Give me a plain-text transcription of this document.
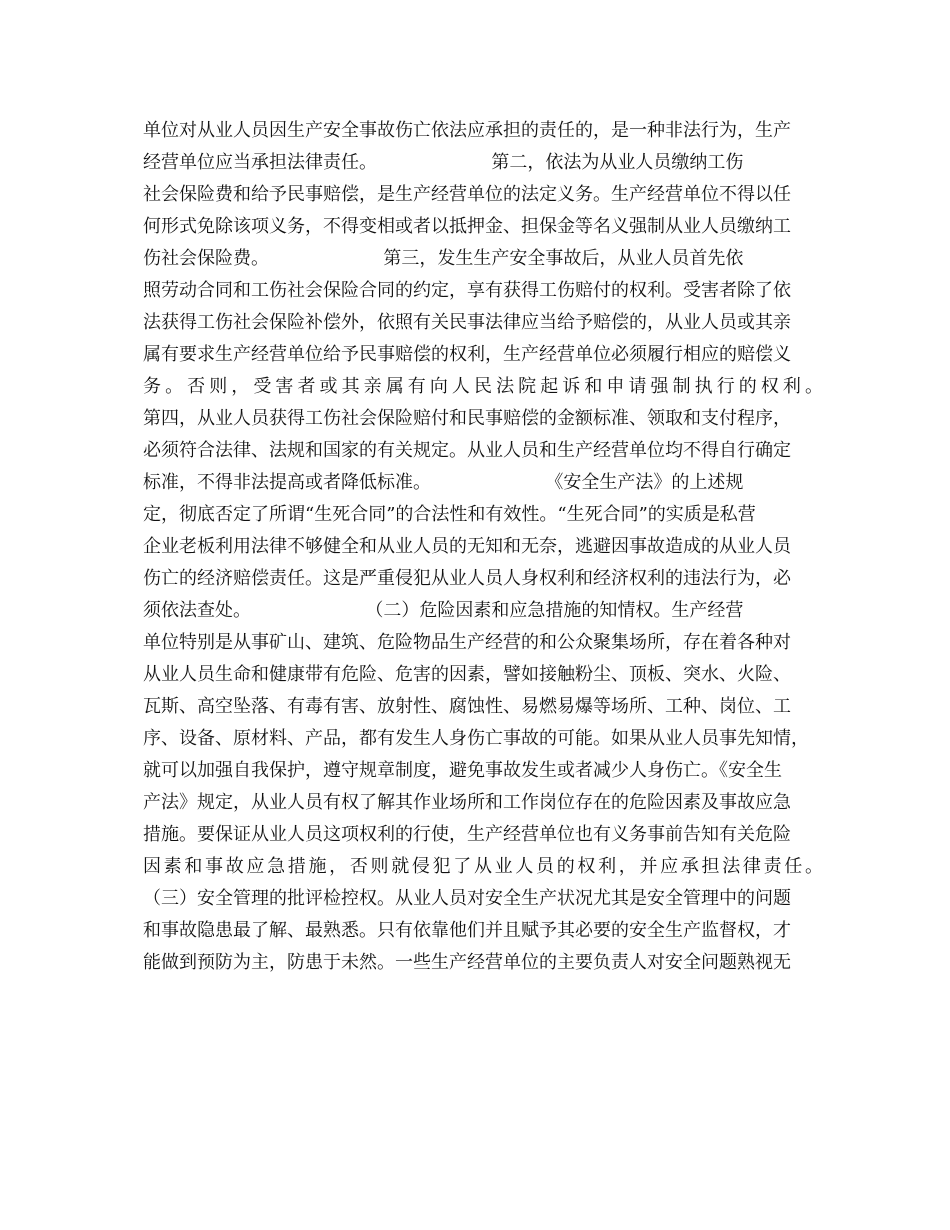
单位对从业人员因生产安全事故伤亡依法应承担的责任的，是一种非法行为，生产
经营单位应当承担法律责任。                    第二，依法为从业人员缴纳工伤
社会保险费和给予民事赔偿，是生产经营单位的法定义务。生产经营单位不得以任
何形式免除该项义务，不得变相或者以抵押金、担保金等名义强制从业人员缴纳工
伤社会保险费。                    第三，发生生产安全事故后，从业人员首先依
照劳动合同和工伤社会保险合同的约定，享有获得工伤赔付的权利。受害者除了依
法获得工伤社会保险补偿外，依照有关民事法律应当给予赔偿的，从业人员或其亲
属有要求生产经营单位给予民事赔偿的权利，生产经营单位必须履行相应的赔偿义
务。否则，受害者或其亲属有向人民法院起诉和申请强制执行的权利。
第四，从业人员获得工伤社会保险赔付和民事赔偿的金额标准、领取和支付程序，
必须符合法律、法规和国家的有关规定。从业人员和生产经营单位均不得自行确定
标准，不得非法提高或者降低标准。                    《安全生产法》的上述规
定，彻底否定了所谓“生死合同”的合法性和有效性。“生死合同”的实质是私营
企业老板利用法律不够健全和从业人员的无知和无奈，逃避因事故造成的从业人员
伤亡的经济赔偿责任。这是严重侵犯从业人员人身权利和经济权利的违法行为，必
须依法查处。                    （二）危险因素和应急措施的知情权。生产经营
单位特别是从事矿山、建筑、危险物品生产经营的和公众聚集场所，存在着各种对
从业人员生命和健康带有危险、危害的因素，譬如接触粉尘、顶板、突水、火险、
瓦斯、高空坠落、有毒有害、放射性、腐蚀性、易燃易爆等场所、工种、岗位、工
序、设备、原材料、产品，都有发生人身伤亡事故的可能。如果从业人员事先知情，
就可以加强自我保护，遵守规章制度，避免事故发生或者减少人身伤亡。《安全生
产法》规定，从业人员有权了解其作业场所和工作岗位存在的危险因素及事故应急
措施。要保证从业人员这项权利的行使，生产经营单位也有义务事前告知有关危险
因素和事故应急措施，否则就侵犯了从业人员的权利，并应承担法律责任。
（三）安全管理的批评检控权。从业人员对安全生产状况尤其是安全管理中的问题
和事故隐患最了解、最熟悉。只有依靠他们并且赋予其必要的安全生产监督权，才
能做到预防为主，防患于未然。一些生产经营单位的主要负责人对安全问题熟视无
